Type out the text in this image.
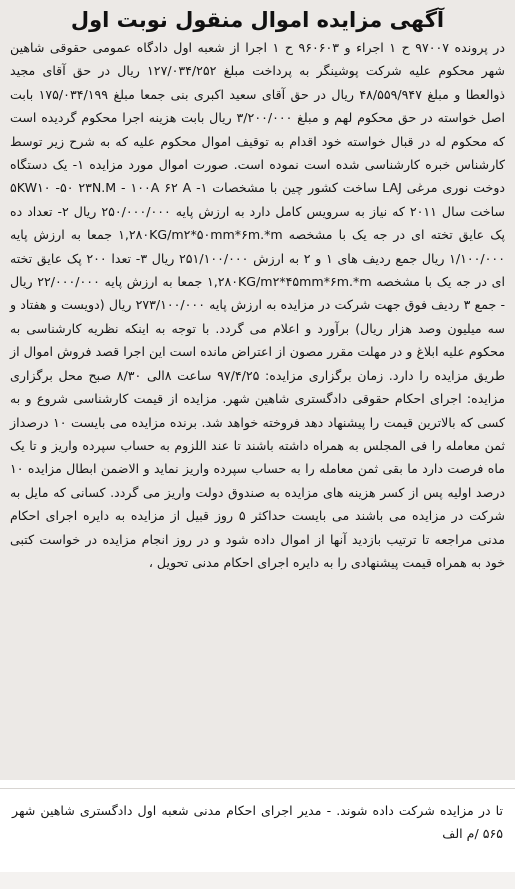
آگهی مزایده اموال منقول نوبت اول

در پرونده ۹۷۰۰۷ ح ۱ اجراء و ۹۶۰۶۰۳ ح ۱ اجرا از شعبه اول دادگاه عمومی حقوقی شاهین شهر محکوم علیه شرکت پوشینگر به پرداخت مبلغ ۱۲۷/۰۳۴/۲۵۲ ریال در حق آقای مجید ذوالعطا و مبلغ ۴۸/۵۵۹/۹۴۷ ریال در حق آقای سعید اکبری بنی جمعا مبلغ ۱۷۵/۰۳۴/۱۹۹ بابت اصل خواسته در حق محکوم لهم و مبلغ ۳/۲۰۰/۰۰۰ ریال بابت هزینه اجرا محکوم گردیده است که محکوم له در قبال خواسته خود اقدام به توقیف اموال محکوم علیه که به شرح زیر توسط کارشناس خبره کارشناسی شده است نموده است. صورت اموال مورد مزایده ۱- یک دستگاه دوخت نوری مرغی LAJ ساخت کشور چین با مشخصات ۱- ۵KW۱۰ -۵۰ ۲۳N.M - ۱۰۰A ۶۲ A ساخت سال ۲۰۱۱ که نیاز به سرویس کامل دارد به ارزش پایه ۲۵۰/۰۰۰/۰۰۰ ریال ۲- تعداد ده پک عایق تخته ای در جه یک با مشخصه ۱,۲۸۰KG/m۲*۵۰mm*۶m.*m جمعا به ارزش پایه ۱/۱۰۰/۰۰۰ ریال جمع ردیف های ۱ و ۲ به ارزش ۲۵۱/۱۰۰/۰۰۰ ریال ۳- تعدا ۲۰۰ پک عایق تخته ای در جه یک با مشخصه ۱,۲۸۰KG/m۲*۴۵mm*۶m.*m جمعا به ارزش پایه ۲۲/۰۰۰/۰۰۰ ریال - جمع ۳ ردیف فوق جهت شرکت در مزایده به ارزش پایه ۲۷۳/۱۰۰/۰۰۰ ریال (دویست و هفتاد و سه میلیون وصد هزار ریال) برآورد و اعلام می گردد. با توجه به اینکه نظریه کارشناسی به محکوم علیه ابلاغ و در مهلت مقرر مصون از اعتراض مانده است این اجرا قصد فروش اموال از طریق مزایده را دارد. زمان برگزاری مزایده: ۹۷/۴/۲۵ ساعت ۸الی ۸/۳۰ صبح محل برگزاری مزایده: اجرای احکام حقوقی دادگستری شاهین شهر. مزایده از قیمت کارشناسی شروع و به کسی که بالاترین قیمت را پیشنهاد دهد فروخته خواهد شد. برنده مزایده می بایست ۱۰ درصداز ثمن معامله را فی المجلس به همراه داشته باشند تا عند اللزوم به حساب سپرده واریز و تا یک ماه فرصت دارد ما بقی ثمن معامله را به حساب سپرده واریز نماید و الاضمن ابطال مزایده ۱۰ درصد اولیه پس از کسر هزینه های مزایده به صندوق دولت واریز می گردد. کسانی که مایل به شرکت در مزایده می باشند می بایست حداکثر ۵ روز قبیل از مزایده به دایره اجرای احکام مدنی مراجعه تا ترتیب بازدید آنها از اموال داده شود و در روز انجام مزایده در خواست کتبی خود به همراه قیمت پیشنهادی را به دایره اجرای احکام مدنی تحویل ،

تا در مزایده شرکت داده شوند. - مدیر اجرای احکام مدنی شعبه اول دادگستری شاهین شهر ۵۶۵ /م الف
